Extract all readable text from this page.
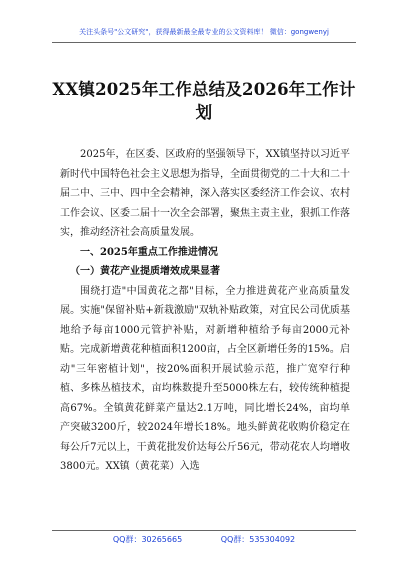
关注头条号"公文研究"，获得最新最全最专业的公文资料库！ 微信：gongwenyj
XX镇2025年工作总结及2026年工作计划

2025年，在区委、区政府的坚强领导下，XX镇坚持以习近平新时代中国特色社会主义思想为指导，全面贯彻党的二十大和二十届二中、三中、四中全会精神，深入落实区委经济工作会议、农村工作会议、区委二届十一次全会部署，聚焦主责主业，狠抓工作落实，推动经济社会高质量发展。

一、2025年重点工作推进情况

（一）黄花产业提质增效成果显著

围绕打造"中国黄花之都"目标，全力推进黄花产业高质量发展。实施"保留补贴+新栽激励"双轨补贴政策，对宜民公司优质基地给予每亩1000元管护补贴，对新增种植给予每亩2000元补贴。完成新增黄花种植面积1200亩，占全区新增任务的15%。启动"三年密植计划"，按20%面积开展试验示范，推广宽窄行种植、多株丛植技术，亩均株数提升至5000株左右，较传统种植提高67%。全镇黄花鲜菜产量达2.1万吨，同比增长24%，亩均单产突破3200斤，较2024年增长18%。地头鲜黄花收购价稳定在每公斤7元以上，干黄花批发价达每公斤56元，带动花农人均增收3800元。XX镇（黄花菜）入选

QQ群：30265665	QQ群：535304092
